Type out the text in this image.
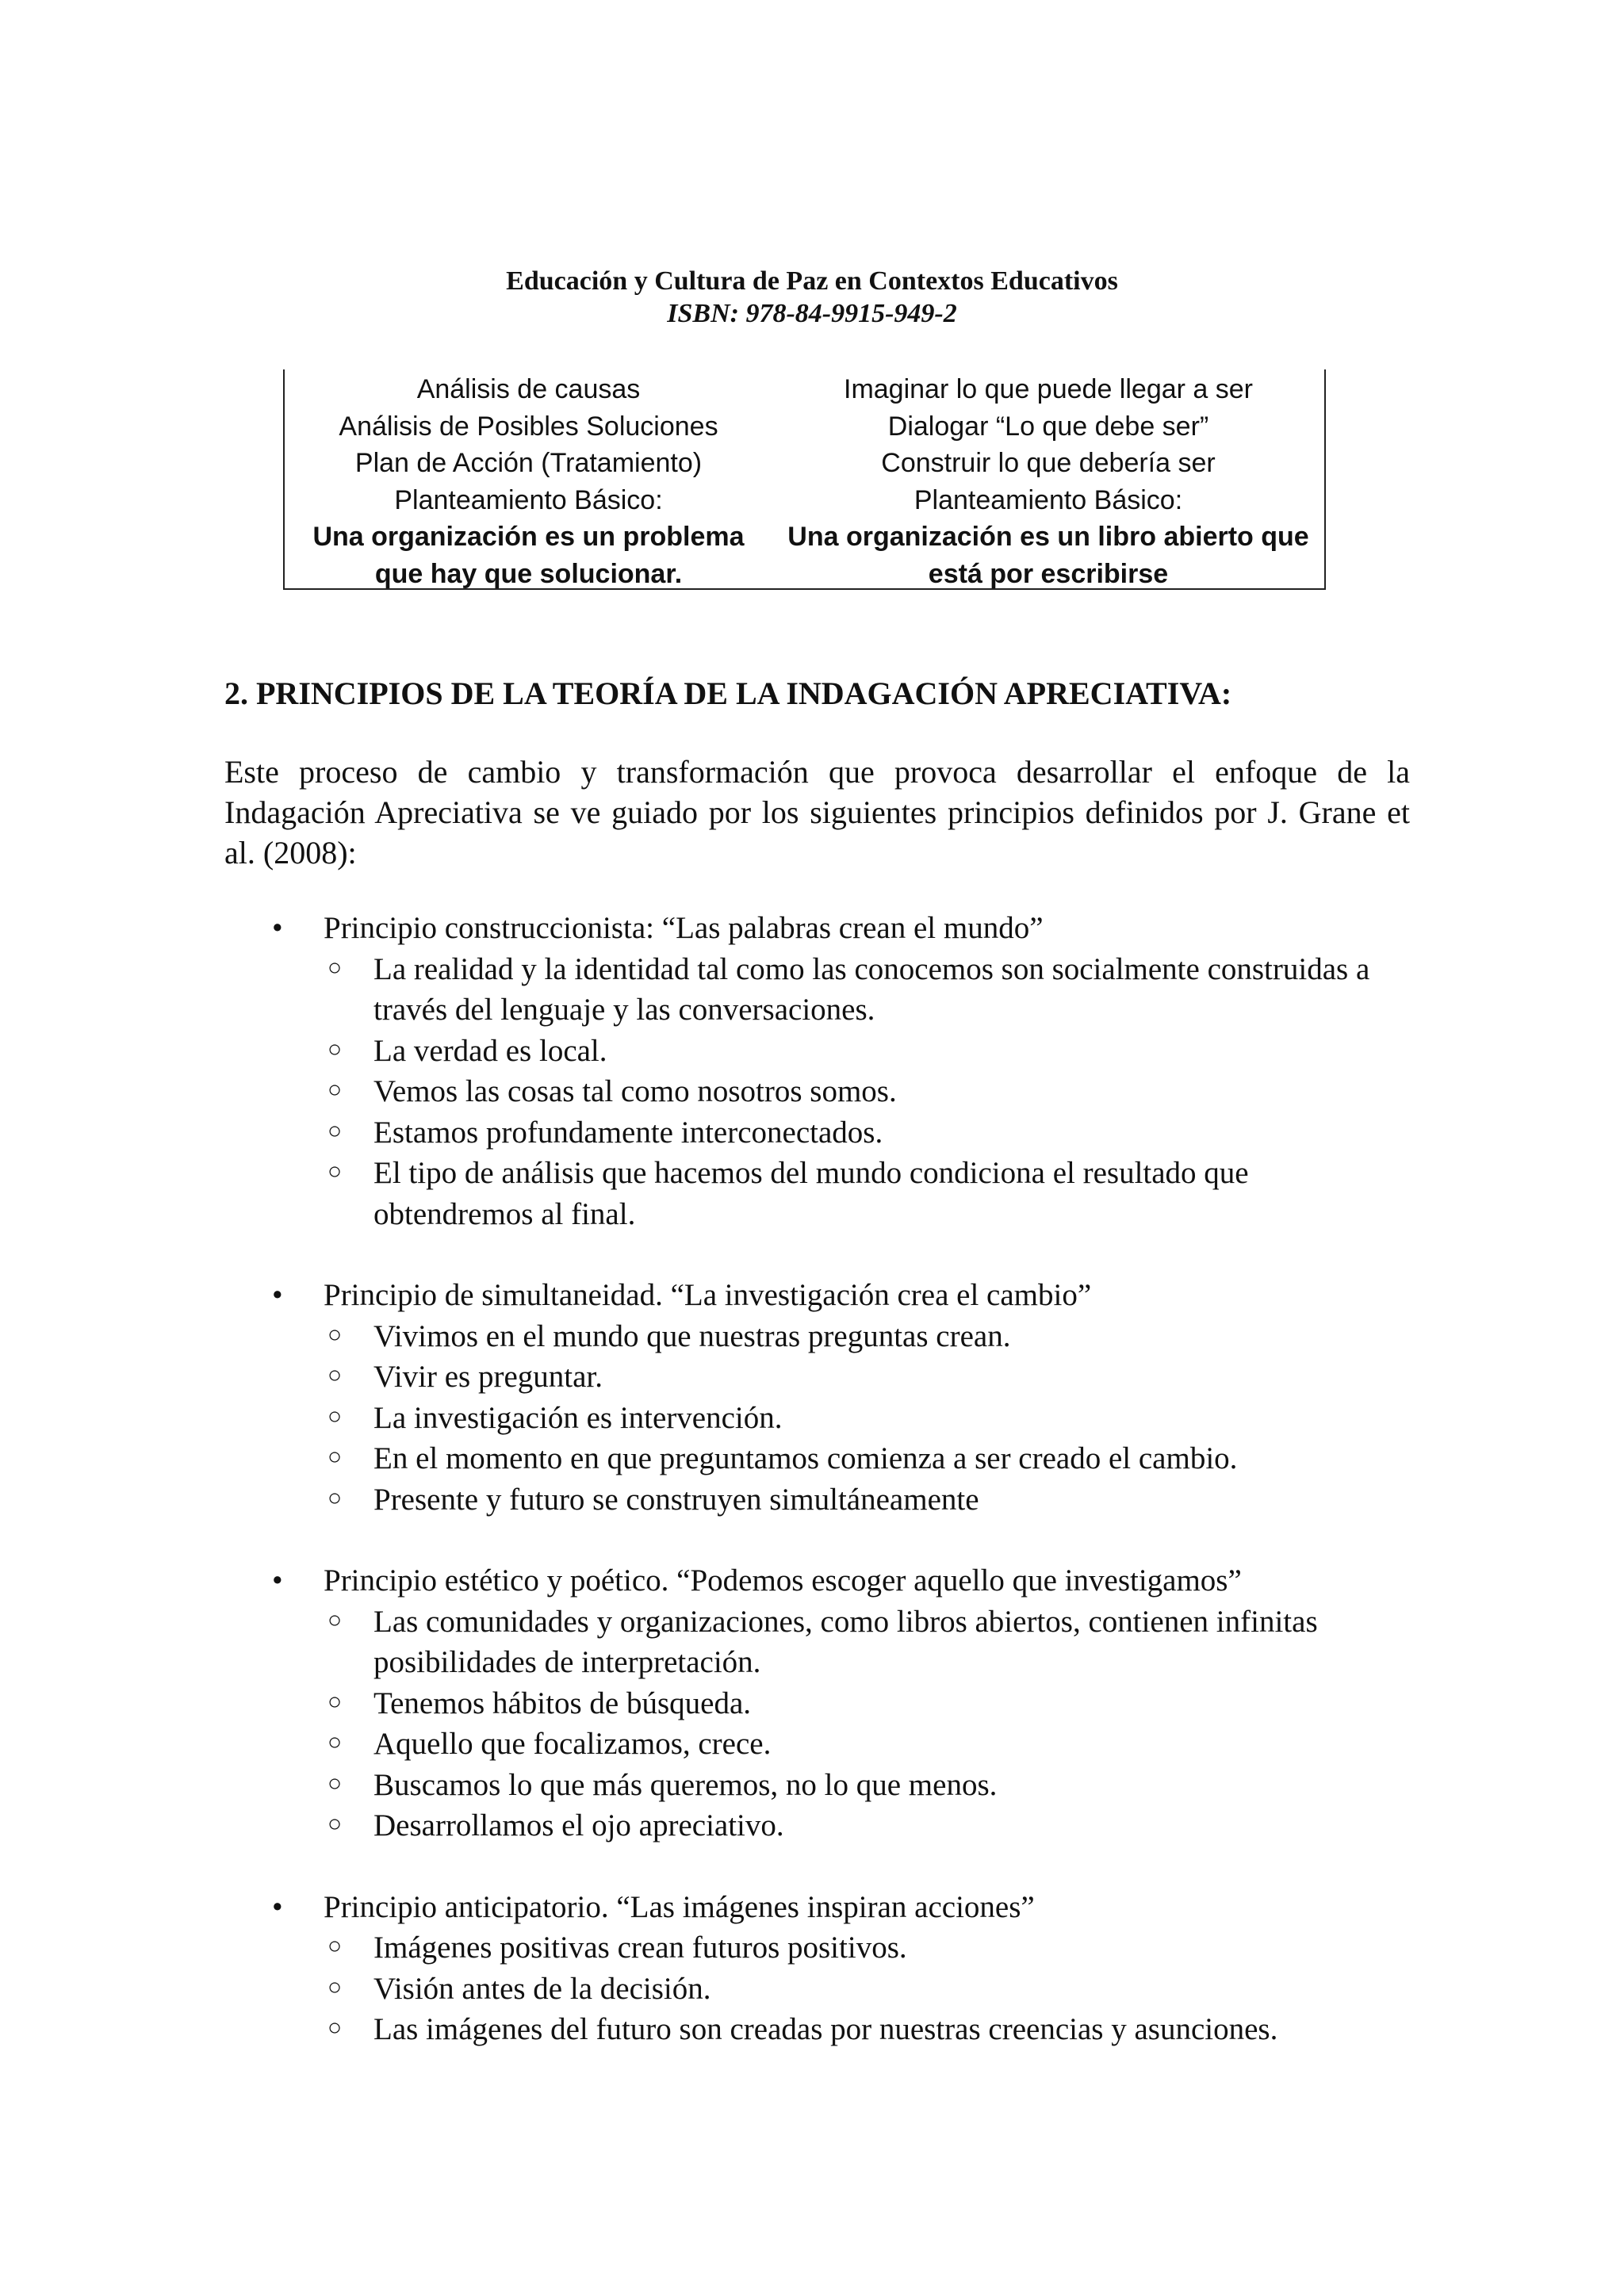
Educación y Cultura de Paz en Contextos Educativos
ISBN: 978-84-9915-949-2
Análisis de causas
Análisis de Posibles Soluciones
Plan de Acción (Tratamiento)
Planteamiento Básico:
Una organización es un problema
que hay que solucionar.
Imaginar lo que puede llegar a ser
Dialogar “Lo que debe ser”
Construir lo que debería ser
Planteamiento Básico:
Una organización es un libro abierto que
está por escribirse
2. PRINCIPIOS DE LA TEORÍA DE LA INDAGACIÓN APRECIATIVA:
Este proceso de cambio y transformación que provoca desarrollar el enfoque de la Indagación Apreciativa se ve guiado por los siguientes principios definidos por J. Grane et al. (2008):
• Principio construccionista: “Las palabras crean el mundo”
○ La realidad y la identidad tal como las conocemos son socialmente construidas a través del lenguaje y las conversaciones.
○ La verdad es local.
○ Vemos las cosas tal como nosotros somos.
○ Estamos profundamente interconectados.
○ El tipo de análisis que hacemos del mundo condiciona el resultado que obtendremos al final.
• Principio de simultaneidad. “La investigación crea el cambio”
○ Vivimos en el mundo que nuestras preguntas crean.
○ Vivir es preguntar.
○ La investigación es intervención.
○ En el momento en que preguntamos comienza a ser creado el cambio.
○ Presente y futuro se construyen simultáneamente
• Principio estético y poético. “Podemos escoger aquello que investigamos”
○ Las comunidades y organizaciones, como libros abiertos, contienen infinitas posibilidades de interpretación.
○ Tenemos hábitos de búsqueda.
○ Aquello que focalizamos, crece.
○ Buscamos lo que más queremos, no lo que menos.
○ Desarrollamos el ojo apreciativo.
• Principio anticipatorio. “Las imágenes inspiran acciones”
○ Imágenes positivas crean futuros positivos.
○ Visión antes de la decisión.
○ Las imágenes del futuro son creadas por nuestras creencias y asunciones.
